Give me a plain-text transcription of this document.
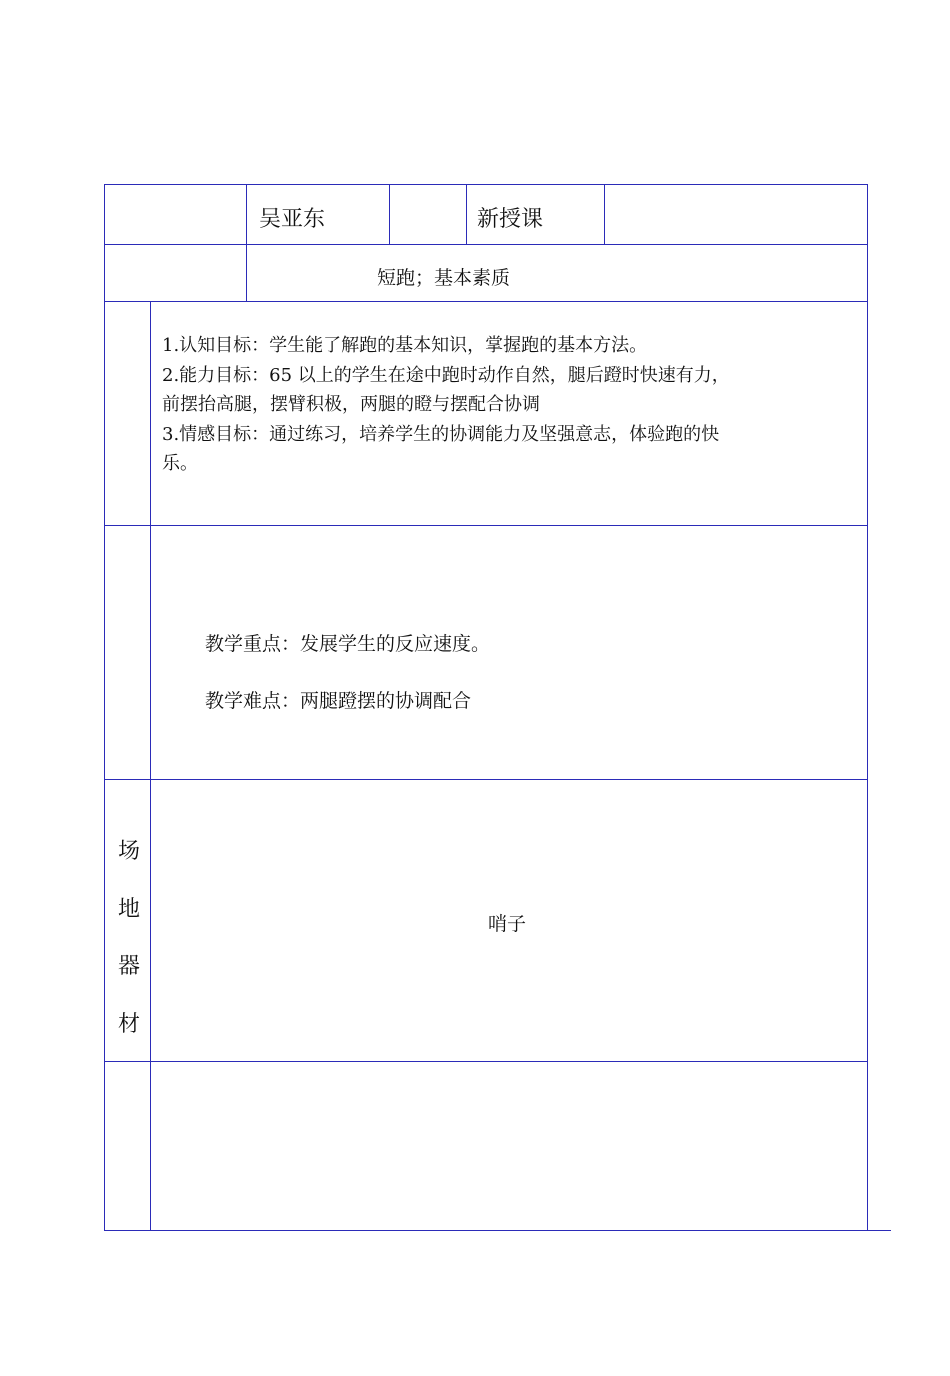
吴亚东	新授课
短跑；基本素质
1.认知目标：学生能了解跑的基本知识，掌握跑的基本方法。
2.能力目标：65 以上的学生在途中跑时动作自然，腿后蹬时快速有力，
前摆抬高腿，摆臂积极，两腿的瞪与摆配合协调
3.情感目标：通过练习，培养学生的协调能力及坚强意志，体验跑的快
乐。
教学重点：发展学生的反应速度。
教学难点：两腿蹬摆的协调配合
场
地
器
材
哨子
